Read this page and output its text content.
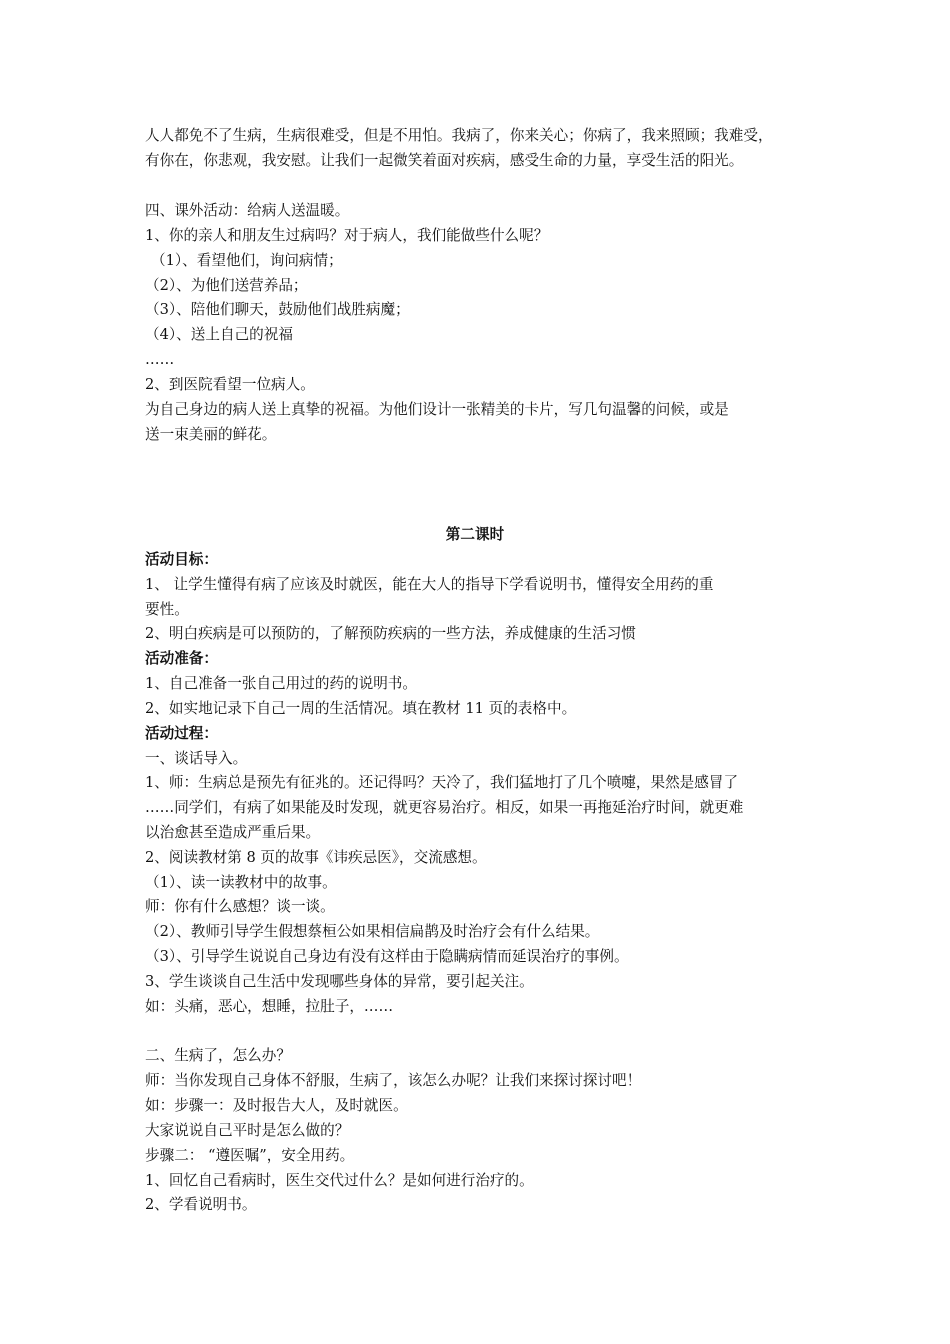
人人都免不了生病，生病很难受，但是不用怕。我病了，你来关心；你病了，我来照顾；我难受，
有你在，你悲观，我安慰。让我们一起微笑着面对疾病，感受生命的力量，享受生活的阳光。
四、课外活动：给病人送温暖。
1、你的亲人和朋友生过病吗？对于病人，我们能做些什么呢？
（1）、看望他们，询问病情；
（2）、为他们送营养品；
（3）、陪他们聊天，鼓励他们战胜病魔；
（4）、送上自己的祝福
……
2、到医院看望一位病人。
为自己身边的病人送上真挚的祝福。为他们设计一张精美的卡片，写几句温馨的问候，或是
送一束美丽的鲜花。
第二课时
活动目标：
1、 让学生懂得有病了应该及时就医，能在大人的指导下学看说明书，懂得安全用药的重
要性。
2、明白疾病是可以预防的，了解预防疾病的一些方法，养成健康的生活习惯
活动准备：
1、自己准备一张自己用过的药的说明书。
2、如实地记录下自己一周的生活情况。填在教材 11 页的表格中。
活动过程：
一、谈话导入。
1、师：生病总是预先有征兆的。还记得吗？天冷了，我们猛地打了几个喷嚏，果然是感冒了
……同学们，有病了如果能及时发现，就更容易治疗。相反，如果一再拖延治疗时间，就更难
以治愈甚至造成严重后果。
2、阅读教材第 8 页的故事《讳疾忌医》，交流感想。
（1）、读一读教材中的故事。
师：你有什么感想？谈一谈。
（2）、教师引导学生假想蔡桓公如果相信扁鹊及时治疗会有什么结果。
（3）、引导学生说说自己身边有没有这样由于隐瞒病情而延误治疗的事例。
3、学生谈谈自己生活中发现哪些身体的异常，要引起关注。
如：头痛，恶心，想睡，拉肚子，……
二、生病了，怎么办？
师：当你发现自己身体不舒服，生病了，该怎么办呢？让我们来探讨探讨吧！
如：步骤一：及时报告大人，及时就医。
大家说说自己平时是怎么做的？
步骤二： “遵医嘱”，安全用药。
1、回忆自己看病时，医生交代过什么？是如何进行治疗的。
2、学看说明书。
